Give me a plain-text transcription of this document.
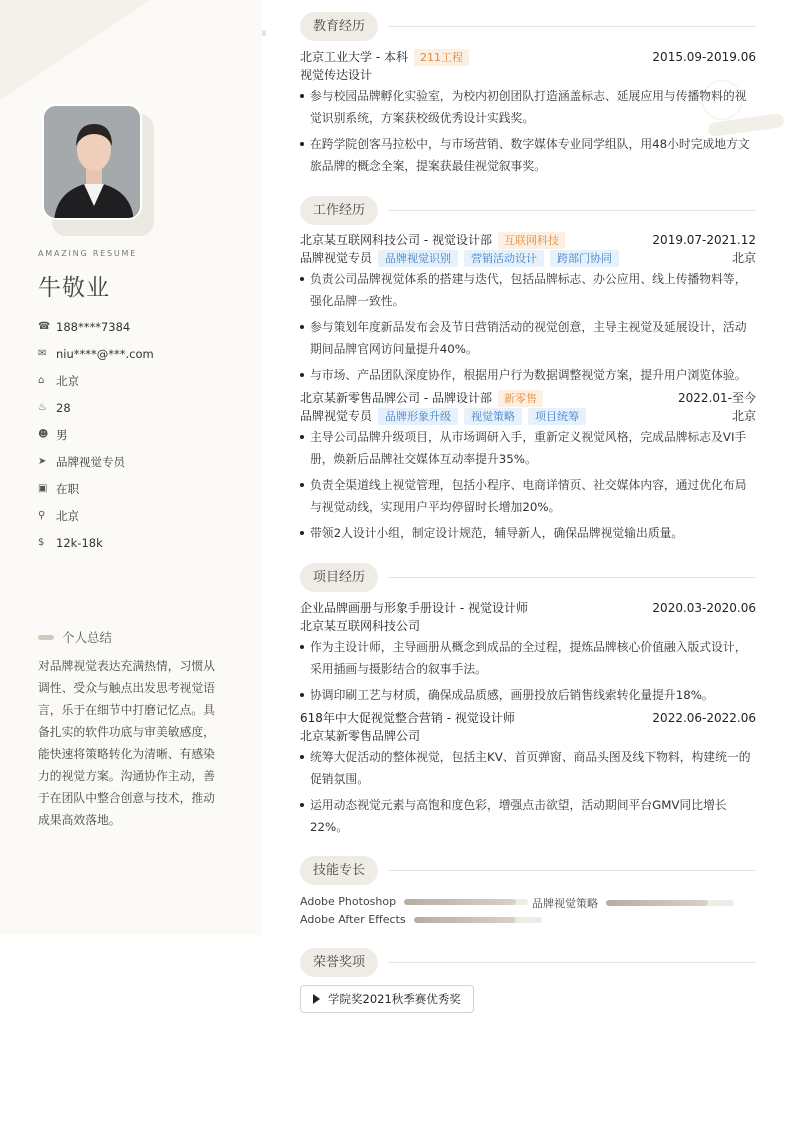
AMAZING RESUME
牛敬业
☎ 188****7384
✉ niu****@***.com
⌂	北京
♨ 28
☻ 男
➤ 品牌视觉专员
▣ 在职
⚲ 北京
$	12k-18k
个人总结
对品牌视觉表达充满热情，习惯从调性、受众与触点出发思考视觉语言，乐于在细节中打磨记忆点。具备扎实的软件功底与审美敏感度，能快速将策略转化为清晰、有感染力的视觉方案。沟通协作主动，善于在团队中整合创意与技术，推动成果高效落地。
教育经历
北京工业大学 - 本科	211工程	2015.09-2019.06
视觉传达设计
参与校园品牌孵化实验室，为校内初创团队打造涵盖标志、延展应用与传播物料的视觉识别系统，方案获校级优秀设计实践奖。
在跨学院创客马拉松中，与市场营销、数字媒体专业同学组队，用48小时完成地方文旅品牌的概念全案，提案获最佳视觉叙事奖。
工作经历
北京某互联网科技公司 - 视觉设计部	互联网科技	2019.07-2021.12
品牌视觉专员	品牌视觉识别	营销活动设计	跨部门协同	北京
负责公司品牌视觉体系的搭建与迭代，包括品牌标志、办公应用、线上传播物料等，强化品牌一致性。
参与策划年度新品发布会及节日营销活动的视觉创意，主导主视觉及延展设计，活动期间品牌官网访问量提升40%。
与市场、产品团队深度协作，根据用户行为数据调整视觉方案，提升用户浏览体验。
北京某新零售品牌公司 - 品牌设计部	新零售	2022.01-至今
品牌视觉专员	品牌形象升级	视觉策略	项目统筹	北京
主导公司品牌升级项目，从市场调研入手，重新定义视觉风格，完成品牌标志及VI手册，焕新后品牌社交媒体互动率提升35%。
负责全渠道线上视觉管理，包括小程序、电商详情页、社交媒体内容，通过优化布局与视觉动线，实现用户平均停留时长增加20%。
带领2人设计小组，制定设计规范，辅导新人，确保品牌视觉输出质量。
项目经历
企业品牌画册与形象手册设计 - 视觉设计师	2020.03-2020.06
北京某互联网科技公司
作为主设计师，主导画册从概念到成品的全过程，提炼品牌核心价值融入版式设计，采用插画与摄影结合的叙事手法。
协调印刷工艺与材质，确保成品质感，画册投放后销售线索转化量提升18%。
618年中大促视觉整合营销 - 视觉设计师	2022.06-2022.06
北京某新零售品牌公司
统筹大促活动的整体视觉，包括主KV、首页弹窗、商品头图及线下物料，构建统一的促销氛围。
运用动态视觉元素与高饱和度色彩，增强点击欲望，活动期间平台GMV同比增长22%。
技能专长
Adobe Photoshop	品牌视觉策略
Adobe After Effects
荣誉奖项
学院奖2021秋季赛优秀奖
